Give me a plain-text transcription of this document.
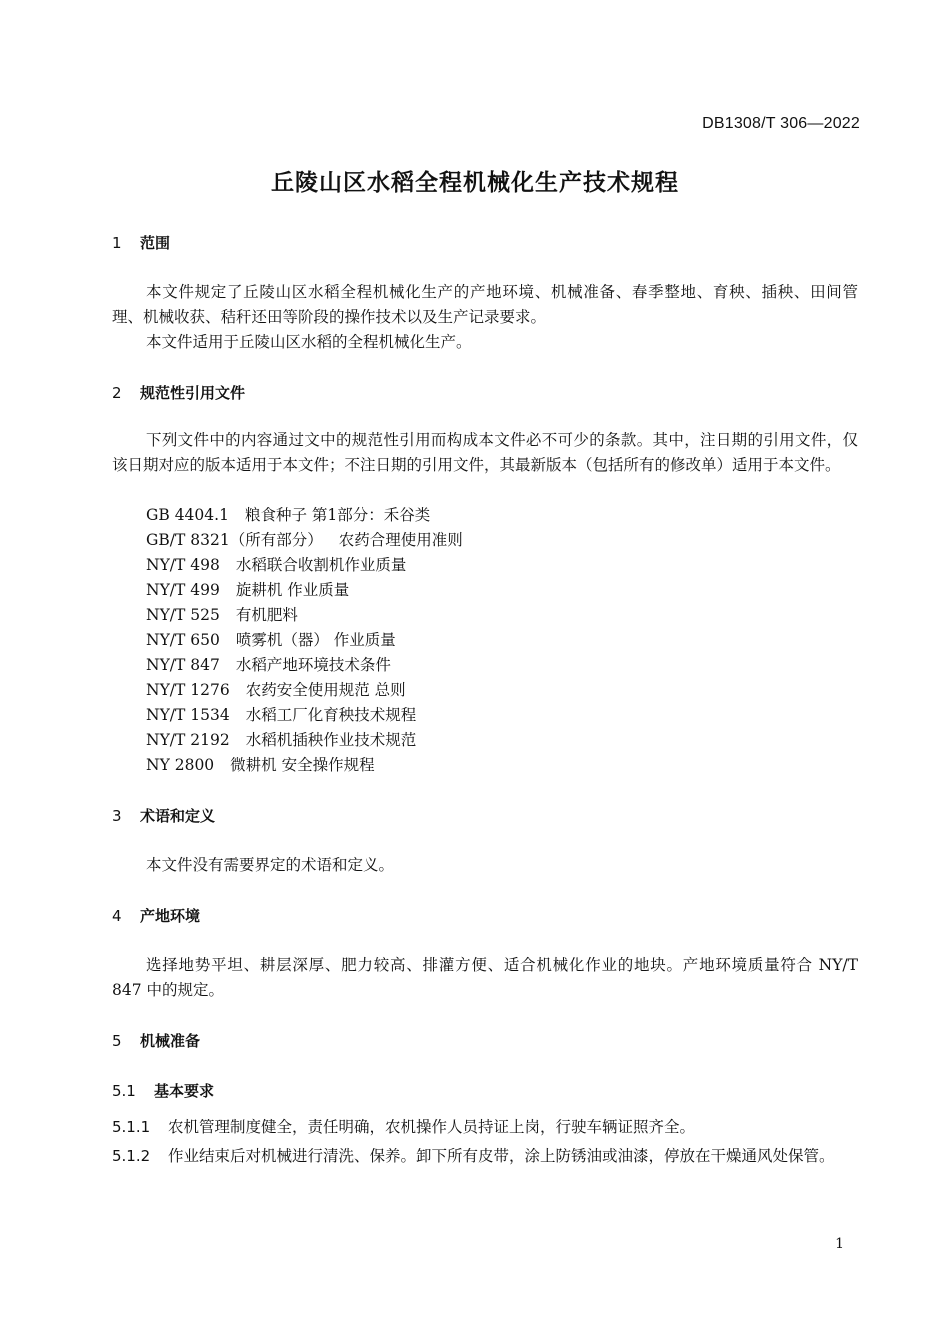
DB1308/T 306—2022
丘陵山区水稻全程机械化生产技术规程
1 范围
本文件规定了丘陵山区水稻全程机械化生产的产地环境、机械准备、春季整地、育秧、插秧、田间管理、机械收获、秸秆还田等阶段的操作技术以及生产记录要求。
本文件适用于丘陵山区水稻的全程机械化生产。
2 规范性引用文件
下列文件中的内容通过文中的规范性引用而构成本文件必不可少的条款。其中，注日期的引用文件，仅该日期对应的版本适用于本文件；不注日期的引用文件，其最新版本（包括所有的修改单）适用于本文件。
GB 4404.1 粮食种子 第1部分：禾谷类
GB/T 8321（所有部分） 农药合理使用准则
NY/T 498 水稻联合收割机作业质量
NY/T 499 旋耕机 作业质量
NY/T 525 有机肥料
NY/T 650 喷雾机（器） 作业质量
NY/T 847 水稻产地环境技术条件
NY/T 1276 农药安全使用规范 总则
NY/T 1534 水稻工厂化育秧技术规程
NY/T 2192 水稻机插秧作业技术规范
NY 2800 微耕机 安全操作规程
3 术语和定义
本文件没有需要界定的术语和定义。
4 产地环境
选择地势平坦、耕层深厚、肥力较高、排灌方便、适合机械化作业的地块。产地环境质量符合 NY/T 847 中的规定。
5 机械准备
5.1 基本要求
5.1.1 农机管理制度健全，责任明确，农机操作人员持证上岗，行驶车辆证照齐全。
5.1.2 作业结束后对机械进行清洗、保养。卸下所有皮带，涂上防锈油或油漆，停放在干燥通风处保管。
1
